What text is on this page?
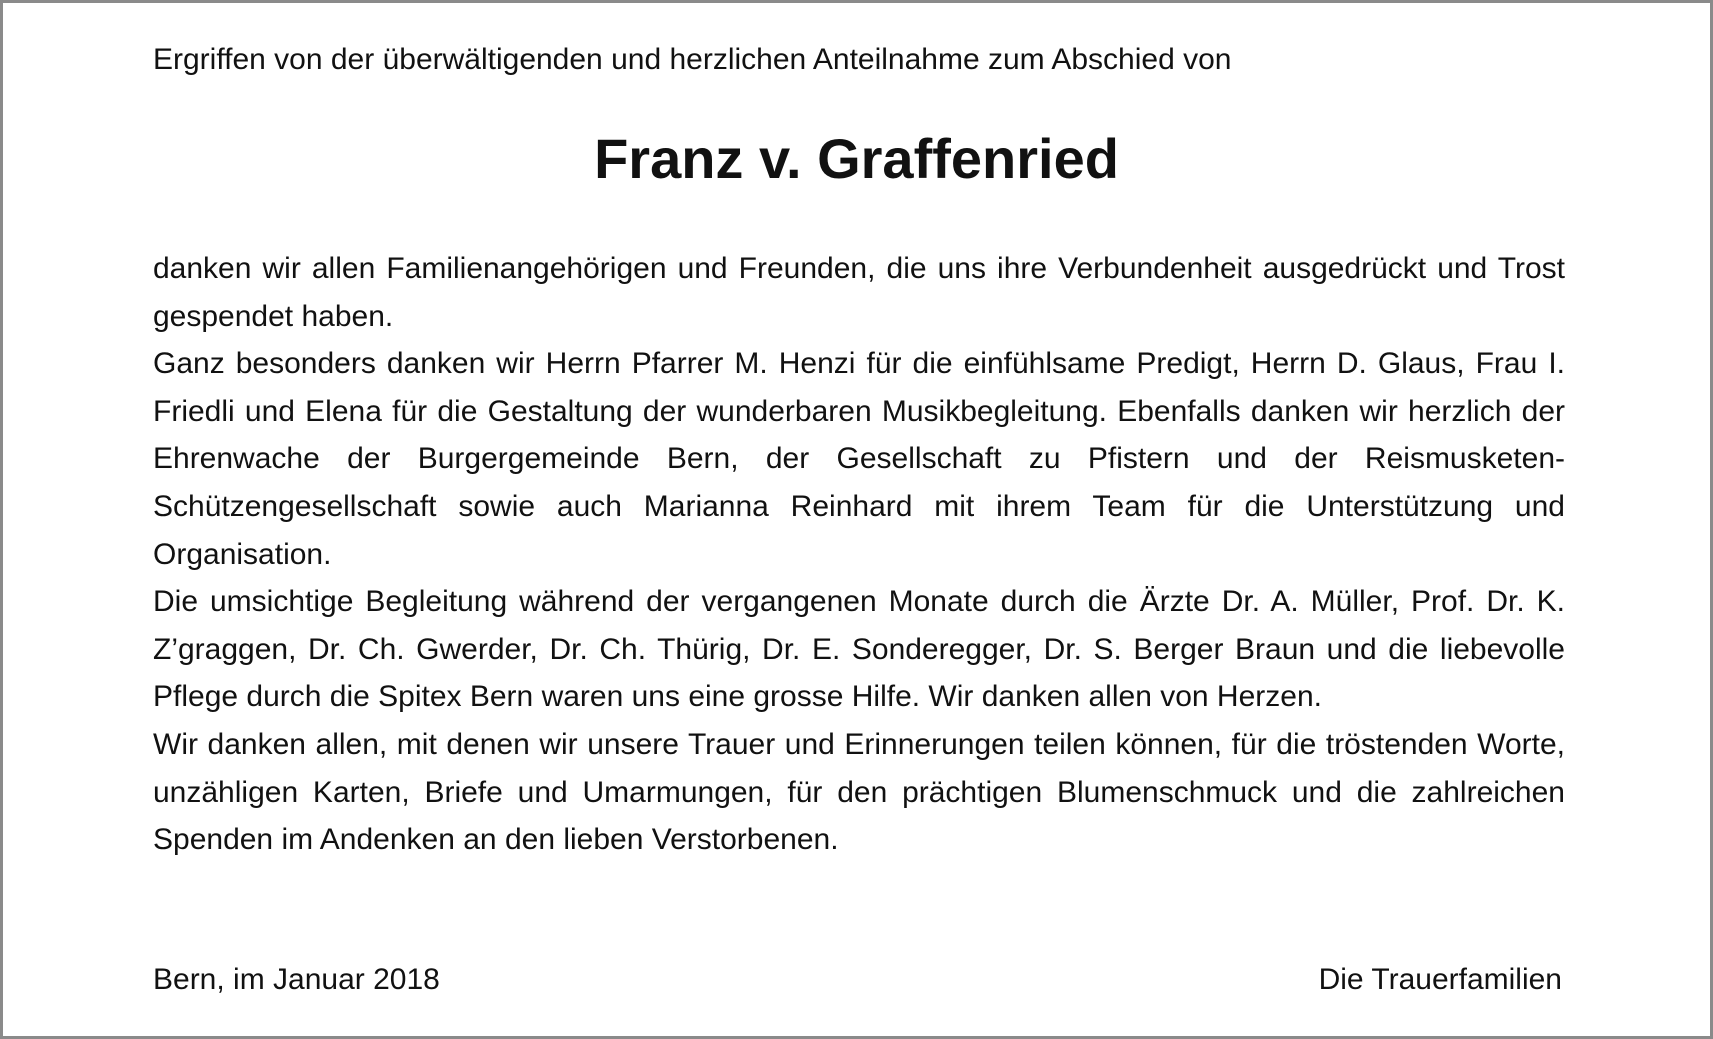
Ergriffen von der überwältigenden und herzlichen Anteilnahme zum Abschied von
Franz v. Graffenried

danken wir allen Familienangehörigen und Freunden, die uns ihre Verbundenheit ausgedrückt und Trost gespendet haben.

Ganz besonders danken wir Herrn Pfarrer M. Henzi für die einfühlsame Predigt, Herrn D. Glaus, Frau I. Friedli und Elena für die Gestaltung der wunderbaren Musikbegleitung. Ebenfalls danken wir herzlich der Ehrenwache der Burgergemeinde Bern, der Gesellschaft zu Pfistern und der Reismusketen-Schützengesellschaft sowie auch Marianna Reinhard mit ihrem Team für die Unterstützung und Organisation.

Die umsichtige Begleitung während der vergangenen Monate durch die Ärzte Dr. A. Müller, Prof. Dr. K. Z’graggen, Dr. Ch. Gwerder, Dr. Ch. Thürig, Dr. E. Sonderegger, Dr. S. Berger Braun und die liebevolle Pflege durch die Spitex Bern waren uns eine grosse Hilfe. Wir danken allen von Herzen.

Wir danken allen, mit denen wir unsere Trauer und Erinnerungen teilen können, für die tröstenden Worte, unzähligen Karten, Briefe und Umarmungen, für den prächtigen Blumenschmuck und die zahlreichen Spenden im Andenken an den lieben Verstorbenen.

Bern, im Januar 2018	Die Trauerfamilien
